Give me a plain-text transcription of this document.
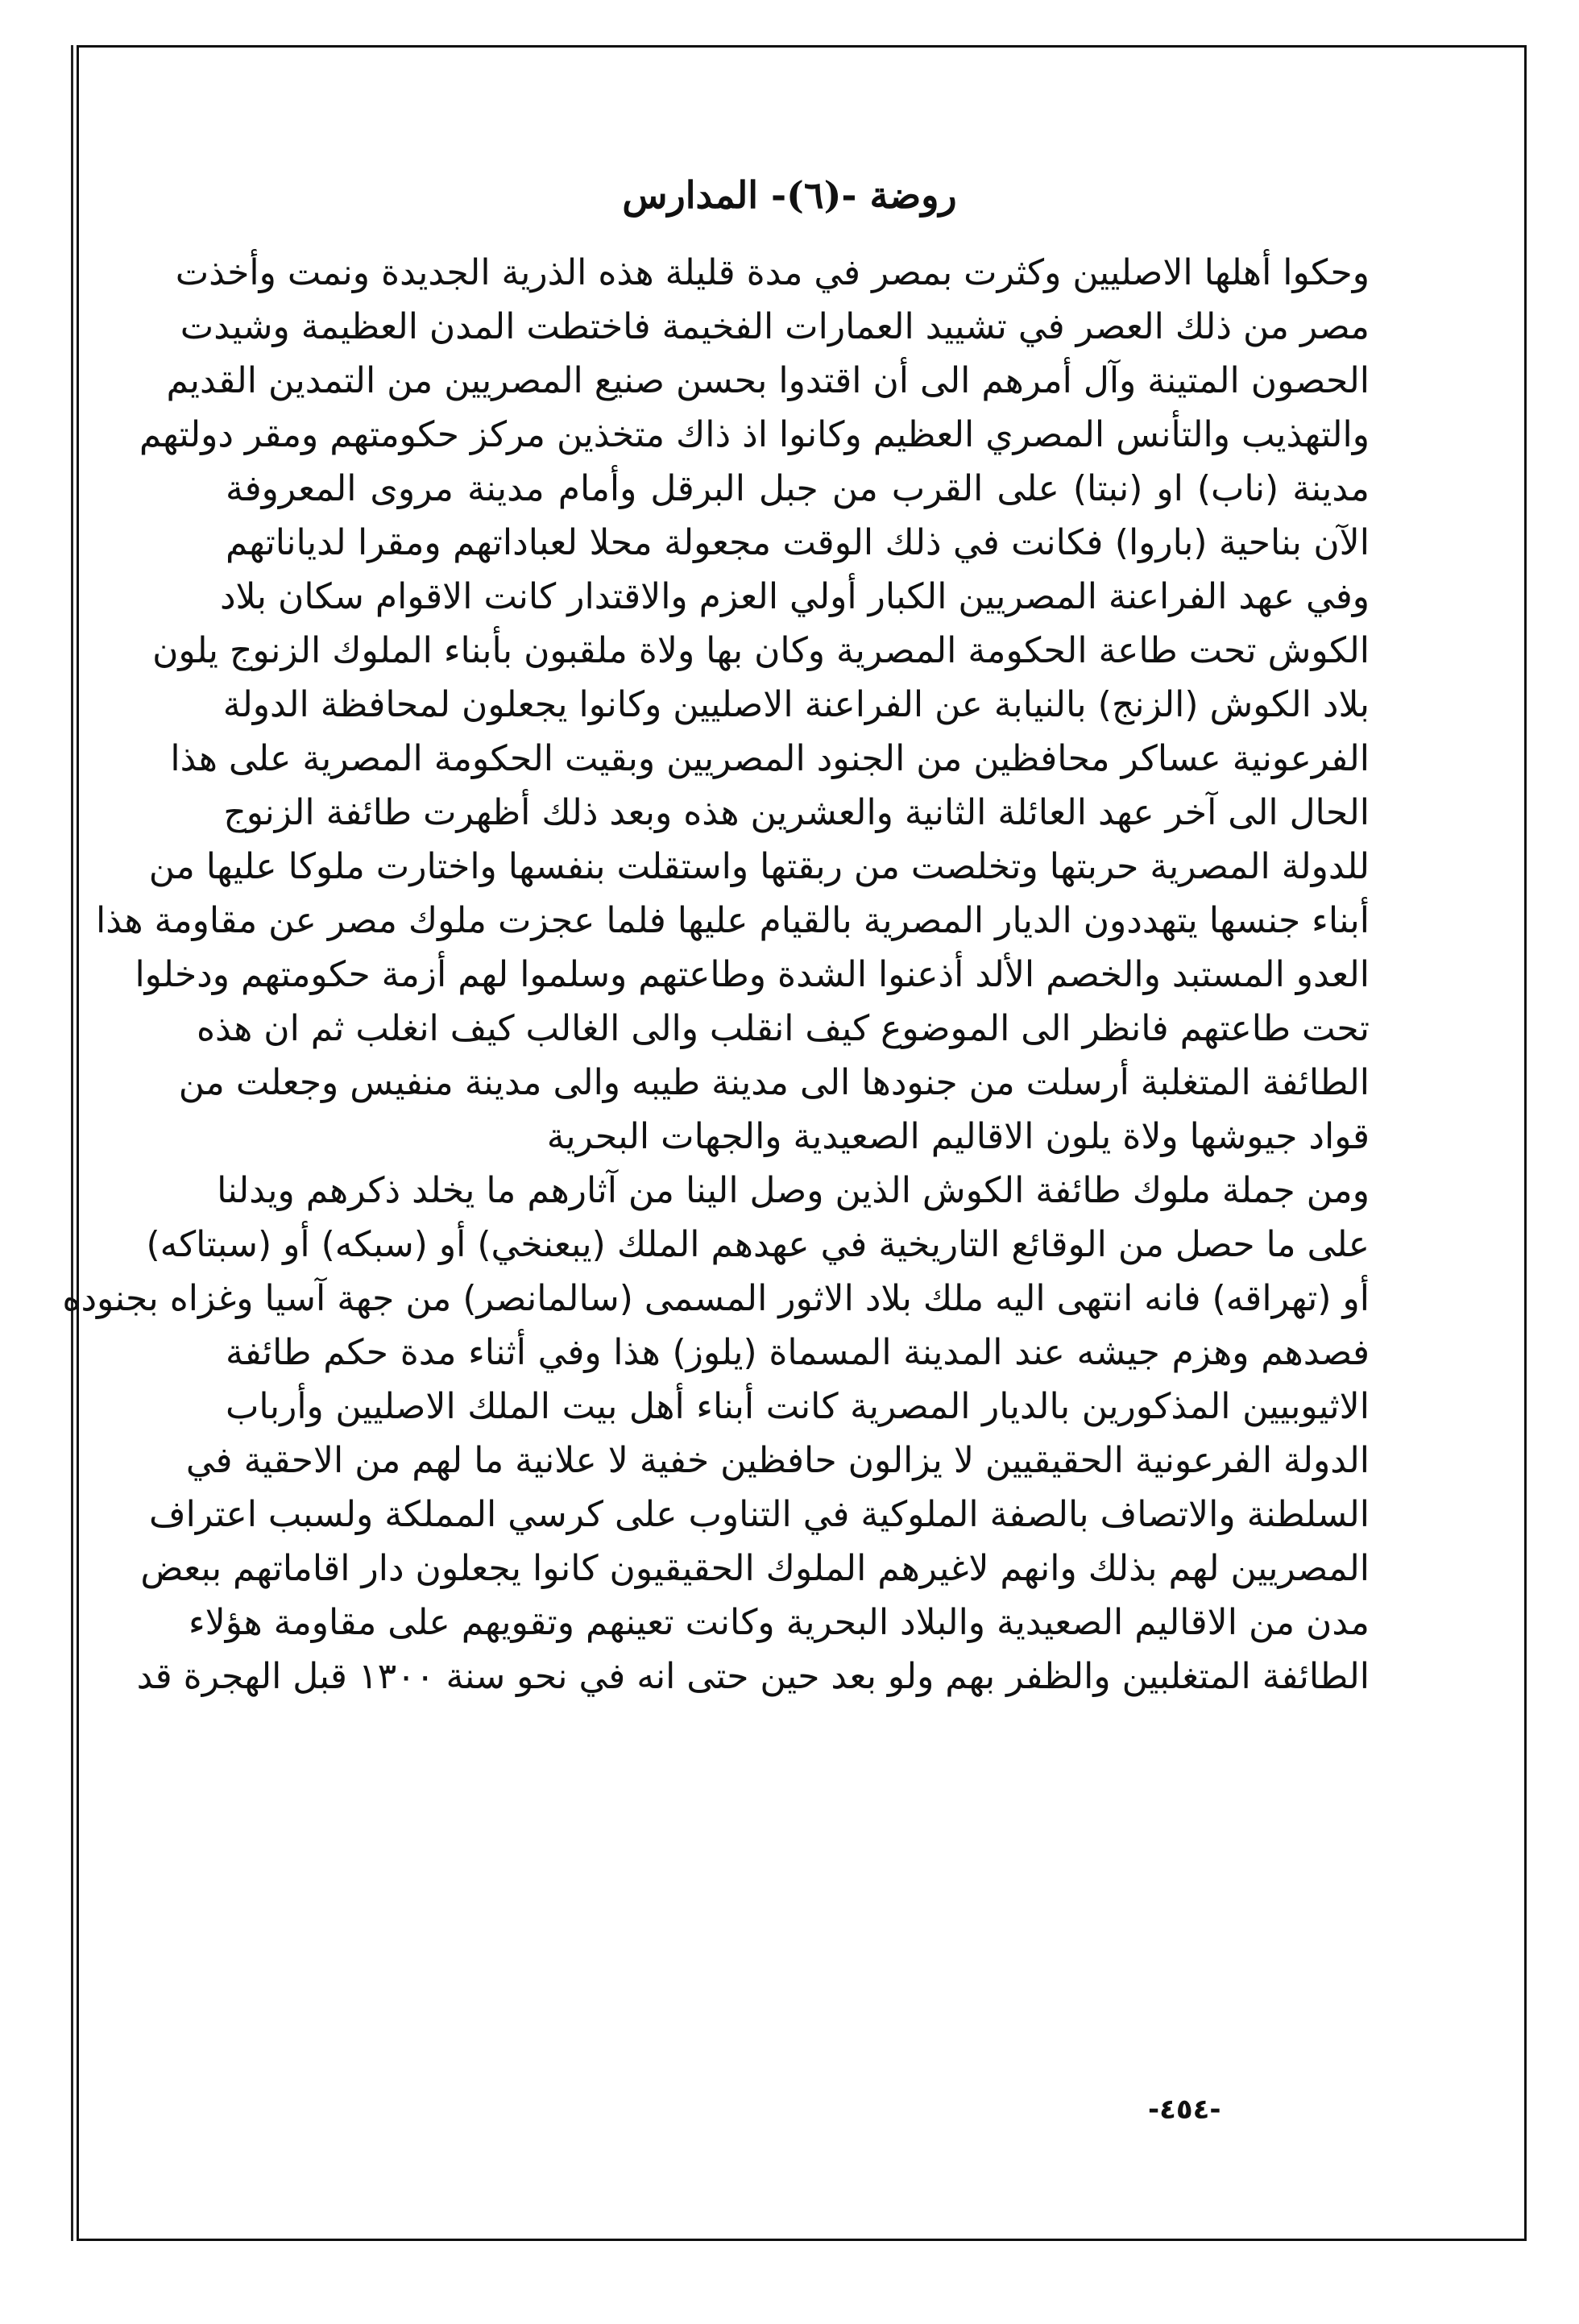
روضة -(٦)- المدارس
وحكوا أهلها الاصليين وكثرت بمصر في مدة قليلة هذه الذرية الجديدة ونمت وأخذت
مصر من ذلك العصر في تشييد العمارات الفخيمة فاختطت المدن العظيمة وشيدت
الحصون المتينة وآل أمرهم الى أن اقتدوا بحسن صنيع المصريين من التمدين القديم
والتهذيب والتأنس المصري العظيم وكانوا اذ ذاك متخذين مركز حكومتهم ومقر دولتهم
مدينة (ناب) او (نبتا) على القرب من جبل البرقل وأمام مدينة مروى المعروفة
الآن بناحية (باروا) فكانت في ذلك الوقت مجعولة محلا لعباداتهم ومقرا لدياناتهم
وفي عهد الفراعنة المصريين الكبار أولي العزم والاقتدار كانت الاقوام سكان بلاد
الكوش تحت طاعة الحكومة المصرية وكان بها ولاة ملقبون بأبناء الملوك الزنوج يلون
بلاد الكوش (الزنج) بالنيابة عن الفراعنة الاصليين وكانوا يجعلون لمحافظة الدولة
الفرعونية عساكر محافظين من الجنود المصريين وبقيت الحكومة المصرية على هذا
الحال الى آخر عهد العائلة الثانية والعشرين هذه وبعد ذلك أظهرت طائفة الزنوج
للدولة المصرية حربتها وتخلصت من ربقتها واستقلت بنفسها واختارت ملوكا عليها من
أبناء جنسها يتهددون الديار المصرية بالقيام عليها فلما عجزت ملوك مصر عن مقاومة هذا
العدو المستبد والخصم الألد أذعنوا الشدة وطاعتهم وسلموا لهم أزمة حكومتهم ودخلوا
تحت طاعتهم فانظر الى الموضوع كيف انقلب والى الغالب كيف انغلب ثم ان هذه
الطائفة المتغلبة أرسلت من جنودها الى مدينة طيبه والى مدينة منفيس وجعلت من
قواد جيوشها ولاة يلون الاقاليم الصعيدية والجهات البحرية
ومن جملة ملوك طائفة الكوش الذين وصل الينا من آثارهم ما يخلد ذكرهم ويدلنا
على ما حصل من الوقائع التاريخية في عهدهم الملك (يبعنخي) أو (سبكه) أو (سبتاكه)
أو (تهراقه) فانه انتهى اليه ملك بلاد الاثور المسمى (سالمانصر) من جهة آسيا وغزاه بجنوده
فصدهم وهزم جيشه عند المدينة المسماة (يلوز) هذا وفي أثناء مدة حكم طائفة
الاثيوبيين المذكورين بالديار المصرية كانت أبناء أهل بيت الملك الاصليين وأرباب
الدولة الفرعونية الحقيقيين لا يزالون حافظين خفية لا علانية ما لهم من الاحقية في
السلطنة والاتصاف بالصفة الملوكية في التناوب على كرسي المملكة ولسبب اعتراف
المصريين لهم بذلك وانهم لاغيرهم الملوك الحقيقيون كانوا يجعلون دار اقاماتهم ببعض
مدن من الاقاليم الصعيدية والبلاد البحرية وكانت تعينهم وتقويهم على مقاومة هؤلاء
الطائفة المتغلبين والظفر بهم ولو بعد حين حتى انه في نحو سنة ١٣٠٠ قبل الهجرة قد
-٤٥٤-
